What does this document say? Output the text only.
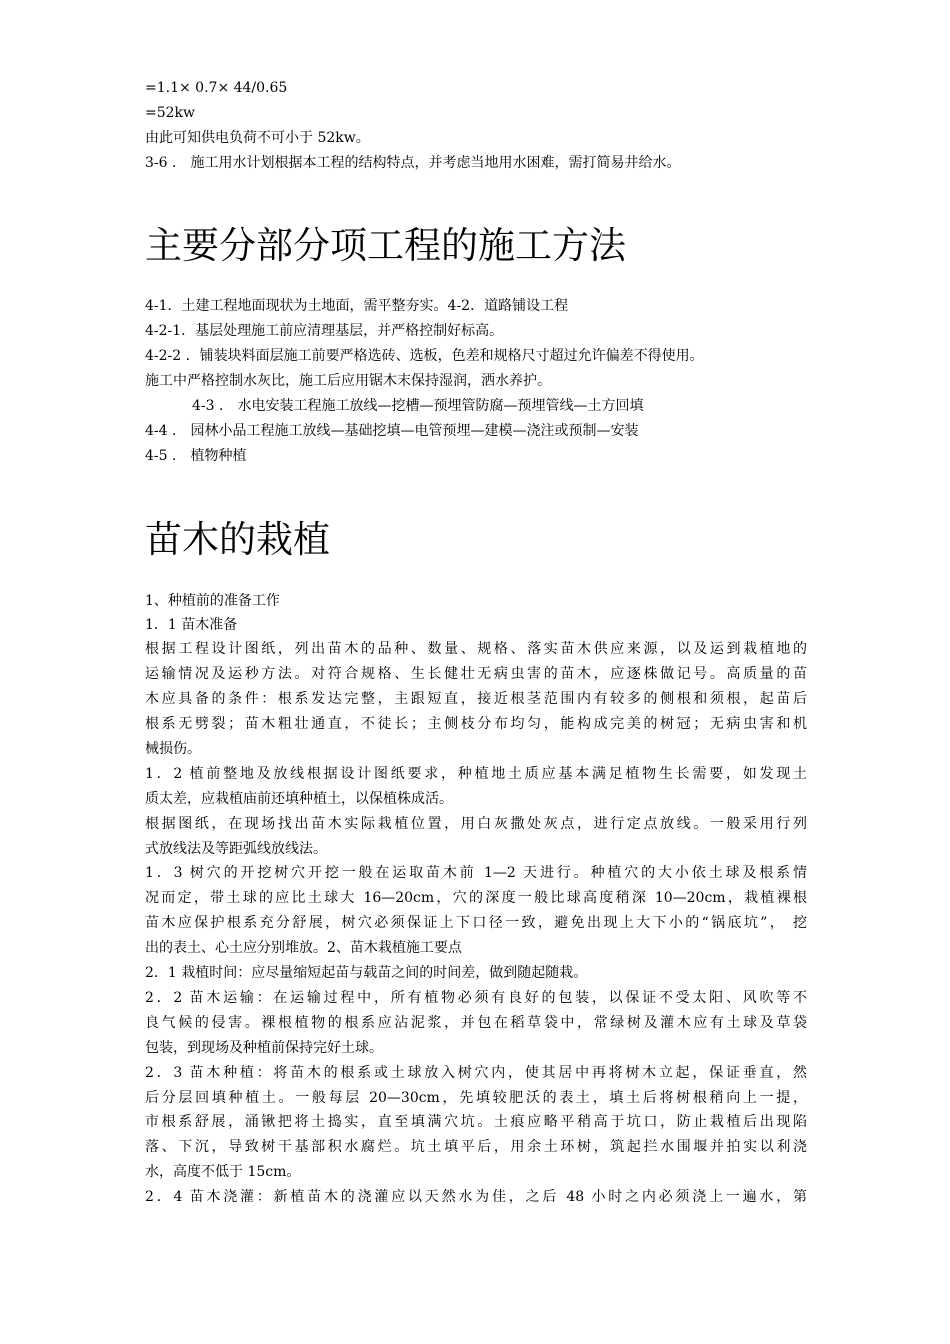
=1.1× 0.7× 44/0.65
=52kw
由此可知供电负荷不可小于 52kw。
3-6 ． 施工用水计划根据本工程的结构特点，并考虑当地用水困难，需打简易井给水。
主要分部分项工程的施工方法
4-1．土建工程地面现状为土地面，需平整夯实。4-2．道路铺设工程
4-2-1．基层处理施工前应清理基层，并严格控制好标高。
4-2-2 ．铺装块料面层施工前要严格选砖、选板，色差和规格尺寸超过允许偏差不得使用。
施工中严格控制水灰比，施工后应用锯木末保持湿润，洒水养护。
4-3 ． 水电安装工程施工放线—挖槽—预埋管防腐—预埋管线—土方回填
4-4 ． 园林小品工程施工放线—基础挖填—电管预埋—建模—浇注或预制—安装
4-5 ． 植物种植
苗木的栽植
1、种植前的准备工作
1．1 苗木准备
根据工程设计图纸，列出苗木的品种、数量、规格、落实苗木供应来源，以及运到栽植地的
运输情况及运秒方法。对符合规格、生长健壮无病虫害的苗木，应逐株做记号。高质量的苗
木应具备的条件：根系发达完整，主跟短直，接近根茎范围内有较多的侧根和须根，起苗后
根系无劈裂；苗木粗壮通直，不徒长；主侧枝分布均匀，能构成完美的树冠；无病虫害和机
械损伤。
1．2 植前整地及放线根据设计图纸要求，种植地土质应基本满足植物生长需要，如发现土
质太差，应栽植庙前还填种植土，以保植株成活。
根据图纸，在现场找出苗木实际栽植位置，用白灰撒处灰点，进行定点放线。一般采用行列
式放线法及等距弧线放线法。
1．3 树穴的开挖树穴开挖一般在运取苗木前 1—2 天进行。种植穴的大小依土球及根系情
况而定，带土球的应比土球大 16—20cm，穴的深度一般比球高度稍深 10—20cm，栽植裸根
苗木应保护根系充分舒展，树穴必须保证上下口径一致，避免出现上大下小的“锅底坑”， 挖
出的表土、心土应分别堆放。2、苗木栽植施工要点
2．1 栽植时间：应尽量缩短起苗与载苗之间的时间差，做到随起随栽。
2．2 苗木运输：在运输过程中，所有植物必须有良好的包装，以保证不受太阳、风吹等不
良气候的侵害。裸根植物的根系应沾泥浆，并包在稻草袋中，常绿树及灌木应有土球及草袋
包装，到现场及种植前保持完好土球。
2．3 苗木种植：将苗木的根系或土球放入树穴内，使其居中再将树木立起，保证垂直，然
后分层回填种植土。一般每层 20—30cm，先填较肥沃的表土，填土后将树根稍向上一提，
市根系舒展，涌锹把将土捣实，直至填满穴坑。土痕应略平稍高于坑口，防止栽植后出现陷
落、下沉，导致树干基部积水腐烂。坑土填平后，用余土环树，筑起拦水围堰并拍实以利浇
水，高度不低于 15cm。
2．4 苗木浇灌：新植苗木的浇灌应以天然水为佳，之后 48 小时之内必须浇上一遍水，第
